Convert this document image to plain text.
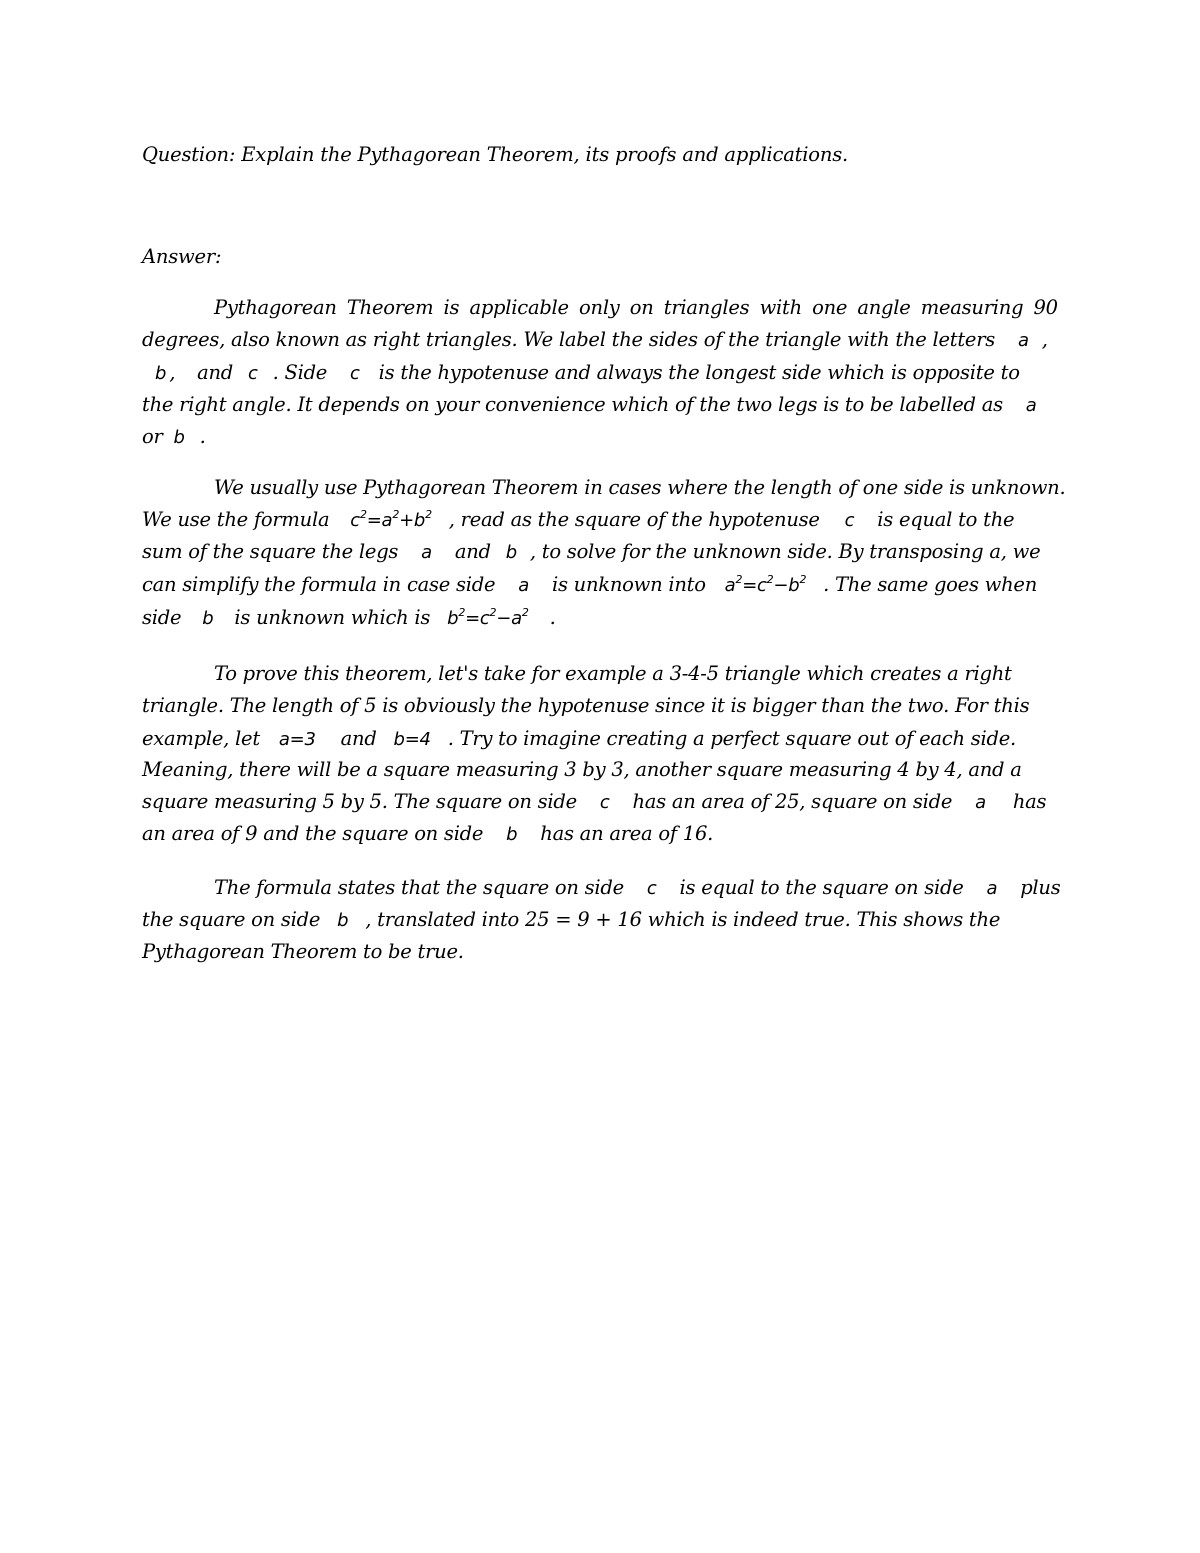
Question: Explain the Pythagorean Theorem, its proofs and applications.
Answer:
Pythagorean Theorem is applicable only on triangles with one angle measuring 90
degrees, also known as right triangles. We label the sides of the triangle with the letters a ,
b , and c . Side c is the hypotenuse and always the longest side which is opposite to
the right angle. It depends on your convenience which of the two legs is to be labelled as a
or b .
We usually use Pythagorean Theorem in cases where the length of one side is unknown.
We use the formula $c^2=a^2+b^2$ , read as the square of the hypotenuse c is equal to the
sum of the square the legs a and b , to solve for the unknown side. By transposing a, we
can simplify the formula in case side a is unknown into $a^2=c^2-b^2$ . The same goes when
side b is unknown which is $b^2=c^2-a^2$ .
To prove this theorem, let's take for example a 3-4-5 triangle which creates a right
triangle. The length of 5 is obviously the hypotenuse since it is bigger than the two. For this
example, let a=3 and b=4 . Try to imagine creating a perfect square out of each side.
Meaning, there will be a square measuring 3 by 3, another square measuring 4 by 4, and a
square measuring 5 by 5. The square on side c has an area of 25, square on side a has
an area of 9 and the square on side b has an area of 16.
The formula states that the square on side c is equal to the square on side a plus
the square on side b , translated into 25 = 9 + 16 which is indeed true. This shows the
Pythagorean Theorem to be true.
